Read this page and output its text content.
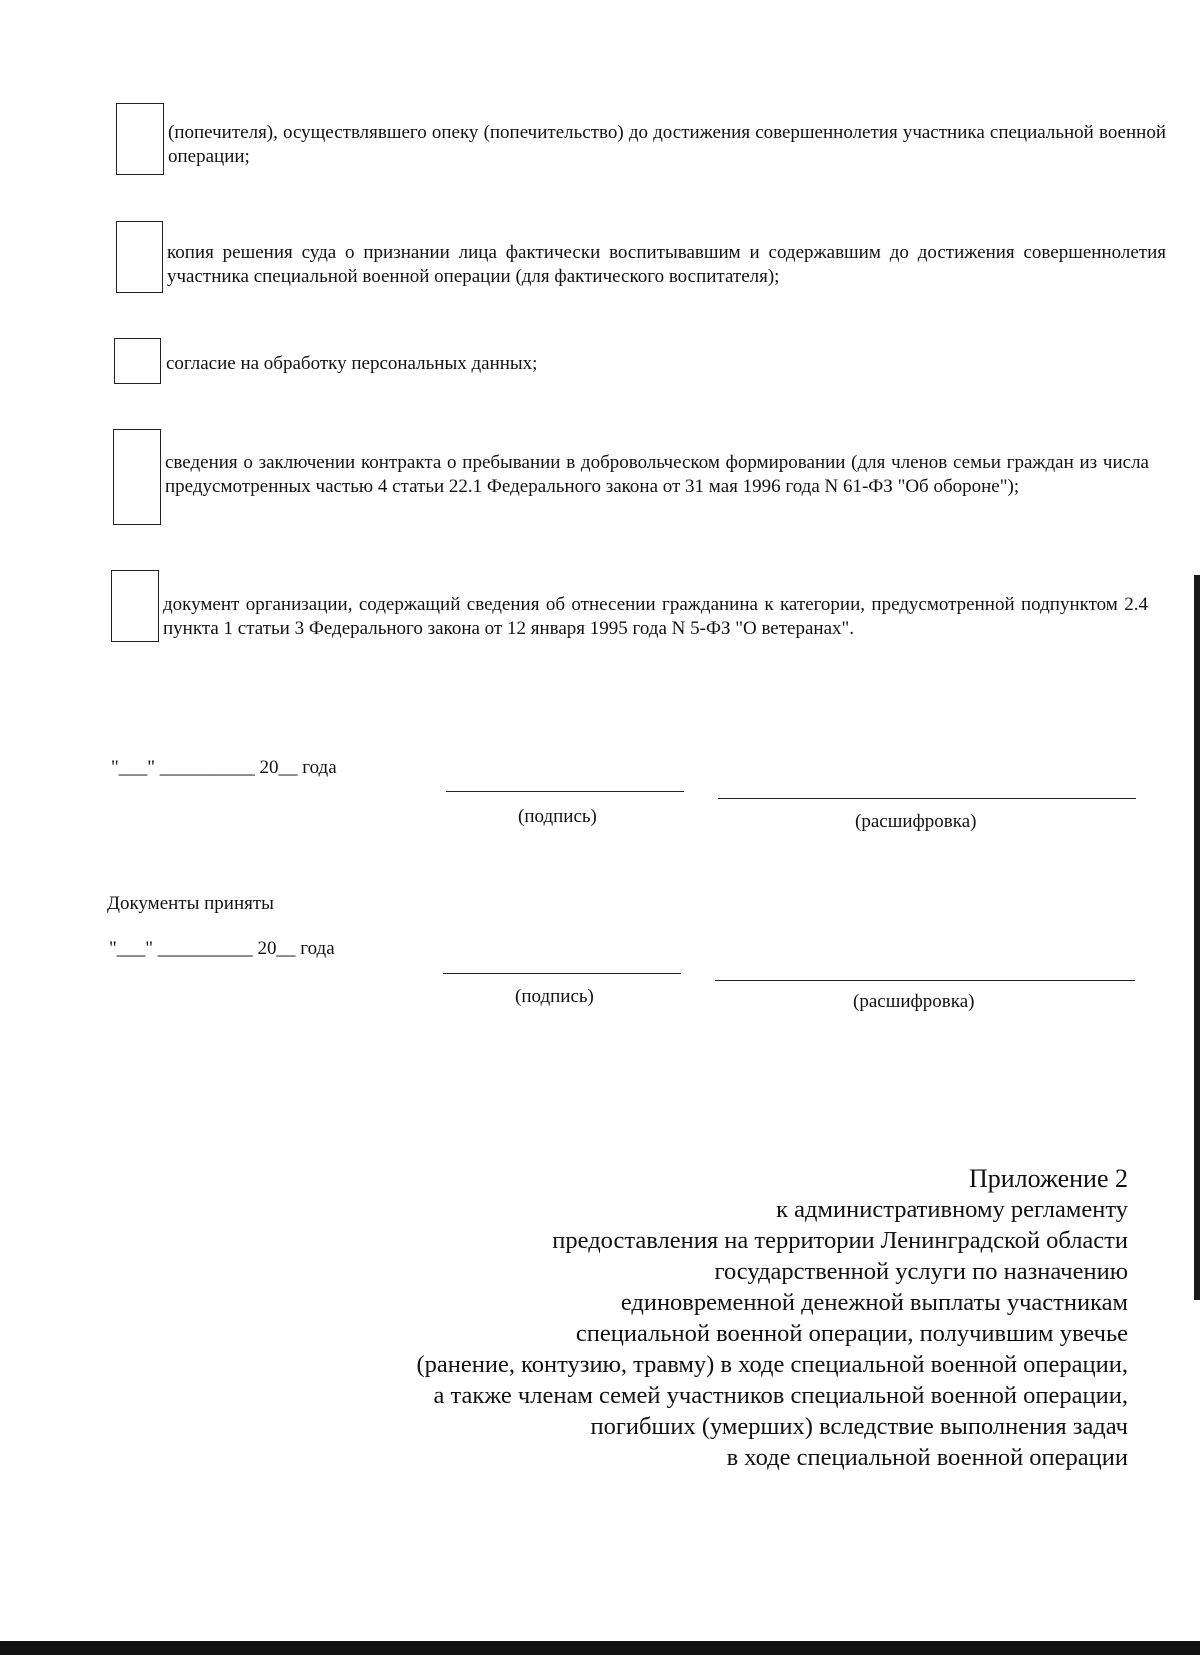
(попечителя), осуществлявшего опеку (попечительство) до достижения совершеннолетия участника специальной военной операции;
копия решения суда о признании лица фактически воспитывавшим и содержавшим до достижения совершеннолетия участника специальной военной операции (для фактического воспитателя);
согласие на обработку персональных данных;
сведения о заключении контракта о пребывании в добровольческом формировании (для членов семьи граждан из числа предусмотренных частью 4 статьи 22.1 Федерального закона от 31 мая 1996 года N 61-ФЗ "Об обороне");
документ организации, содержащий сведения об отнесении гражданина к категории, предусмотренной подпунктом 2.4 пункта 1 статьи 3 Федерального закона от 12 января 1995 года N 5-ФЗ "О ветеранах".
"___" __________ 20__ года
(подпись)	(расшифровка)
Документы приняты
"___" __________ 20__ года
(подпись)	(расшифровка)
Приложение 2
к административному регламенту
предоставления на территории Ленинградской области
государственной услуги по назначению
единовременной денежной выплаты участникам
специальной военной операции, получившим увечье
(ранение, контузию, травму) в ходе специальной военной операции,
а также членам семей участников специальной военной операции,
погибших (умерших) вследствие выполнения задач
в ходе специальной военной операции
